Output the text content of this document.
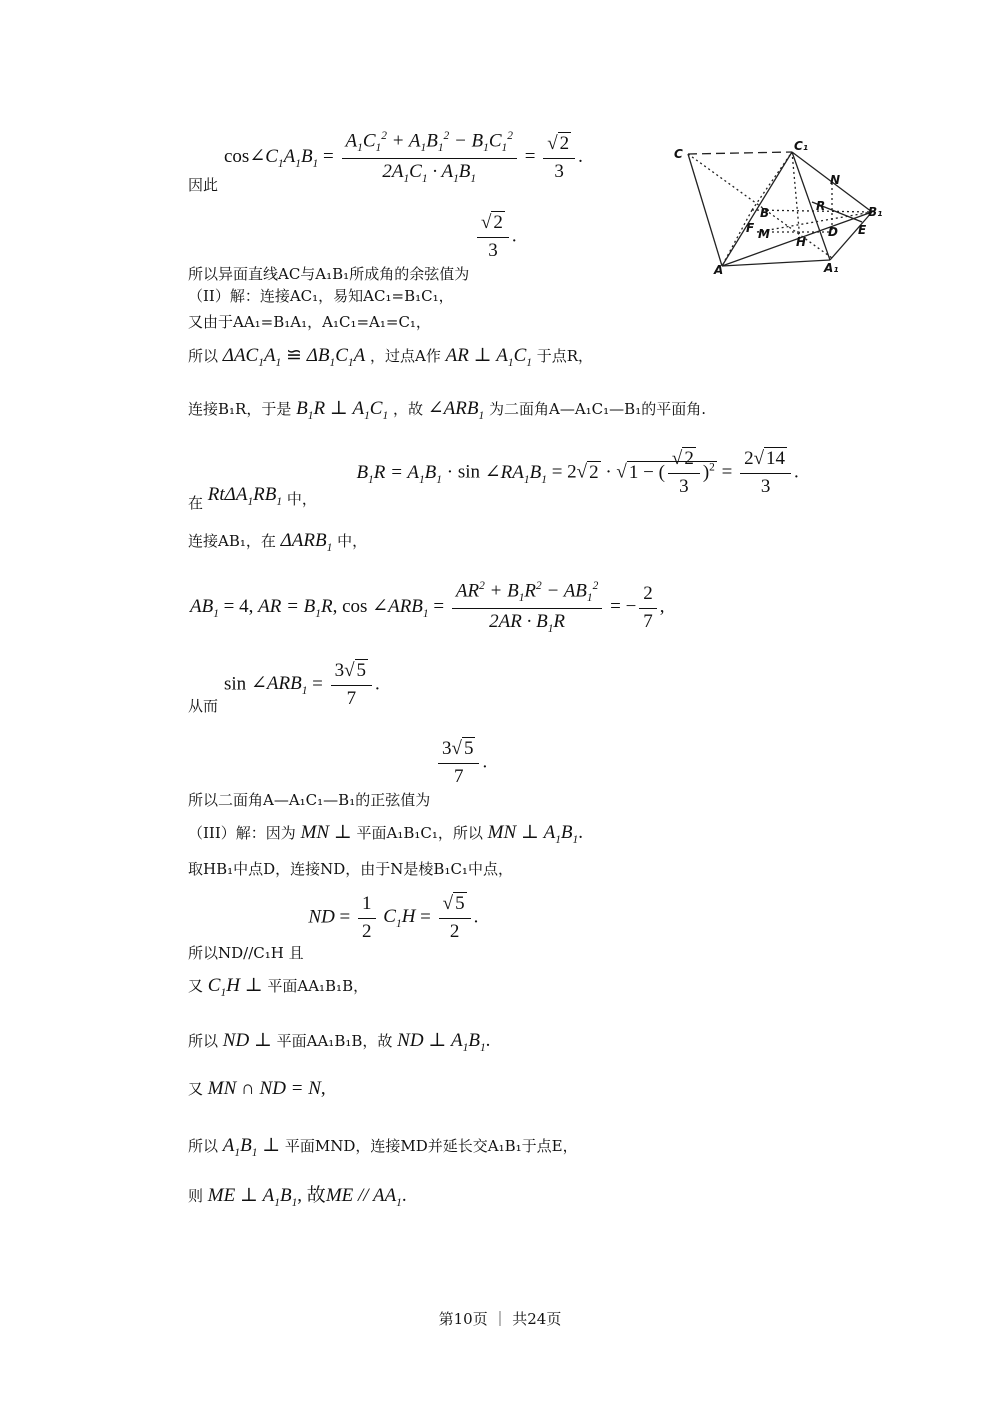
$\cos\angle C_1A_1B_1 = \frac{A_1C_1^2 + A_1B_1^2 - B_1C_1^2}{2A_1C_1 \cdot A_1B_1} = \frac{√ 2}{3}$ .
因此
所以异面直线AC与A₁B₁所成角的余弦值为
$\frac{√ 2}{3}$ .
（II）解：连接AC₁，易知AC₁=B₁C₁，
又由于AA₁=B₁A₁，A₁C₁=A₁=C₁，
所以 $\Delta AC_1A_1$ ≌ $\Delta B_1C_1A$ ，过点A作 AR ⊥ $A_1C_1$ 于点R，
连接B₁R，于是 $B_1R$ ⊥ $A_1C_1$ ，故 $\angle ARB_1$ 为二面角A—A₁C₁—B₁的平面角.
在 $Rt\Delta A_1RB_1$ 中，  $B_1R = A_1B_1 \cdot \sin$ $\angle RA_1B_1 = 2√$ 2 · √ 1 − ( $\frac{√ 2}{3} )^2 = \frac{2√ 14}{3}$ .
连接AB₁，在 $\Delta ARB_1$ 中，
$AB_1 = 4$, AR = $B_1R$, $\cos \angle ARB_1 = \frac{AR^2 + B_1R^2 - AB_1^2}{2AR \cdot B_1R}$ = − $\frac{2}{7}$ ,
$\sin \angle ARB_1 = \frac{3√ 5}{7}$ .
从而
所以二面角A—A₁C₁—B₁的正弦值为
$\frac{3√ 5}{7}$ .
（III）解：因为 MN ⊥ 平面A₁B₁C₁，所以 MN ⊥ $A_1B_1$.
取HB₁中点D，连接ND，由于N是棱B₁C₁中点，
所以ND//C₁H 且 ND = $\frac{1}{2} C_1H = \frac{√ 5}{2}$ .
又 $C_1H$ ⊥ 平面AA₁B₁B，
所以 ND ⊥ 平面AA₁B₁B，故 ND ⊥ $A_1B_1$.
又 MN ∩ ND = N,
所以 $A_1B_1$ ⊥ 平面MND，连接MD并延长交A₁B₁于点E，
则 ME ⊥ $A_1B_1$, 故ME // $AA_1$.
C
C₁
N
B	R	B₁
F M	D E
H
A	A₁
第10页 ｜ 共24页
